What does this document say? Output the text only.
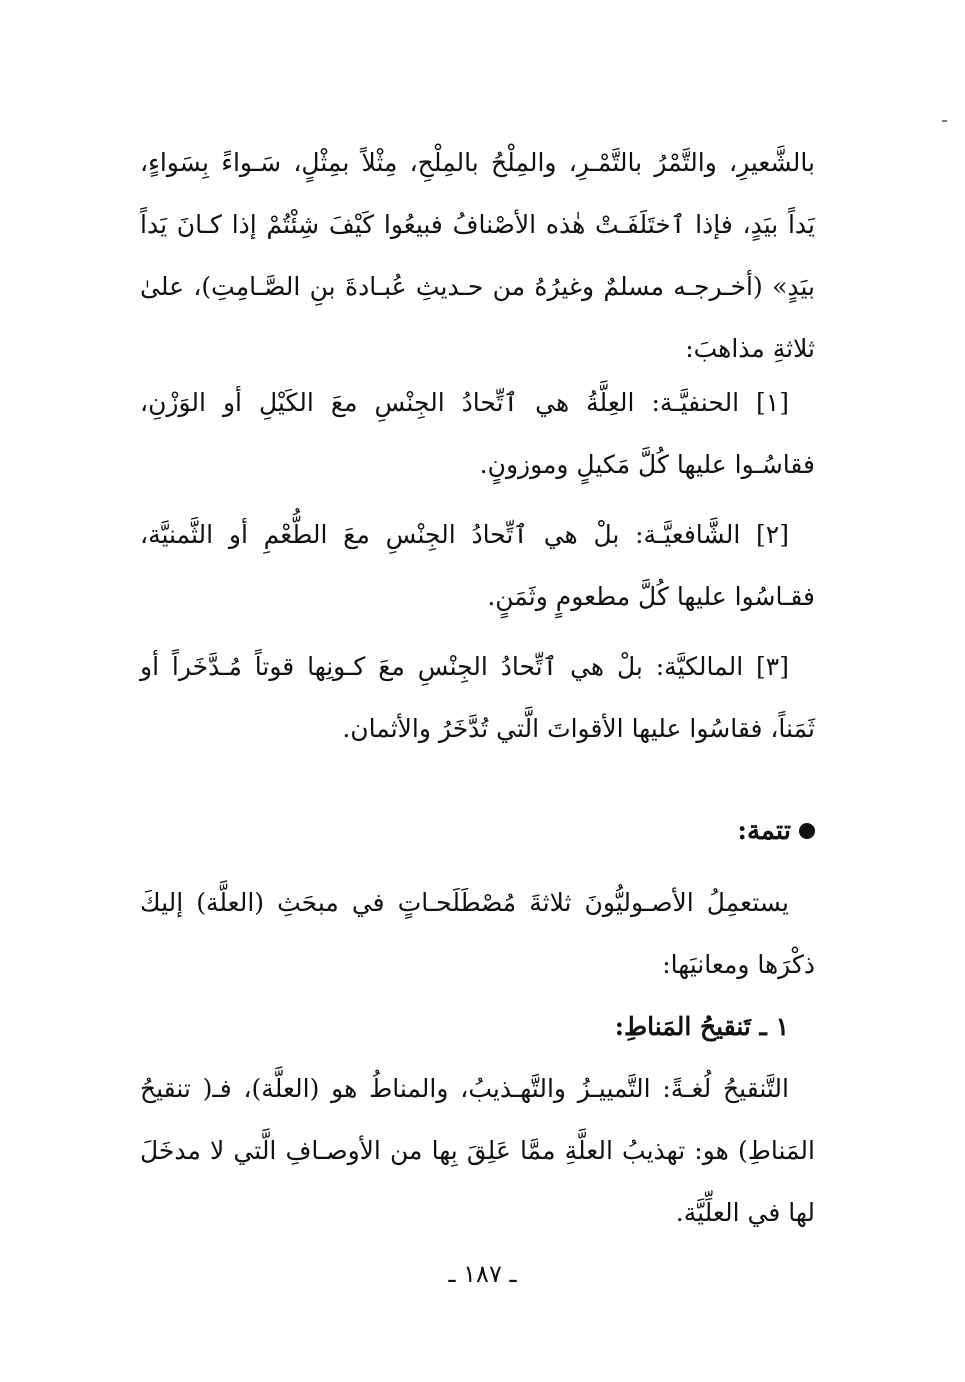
بالشَّعيرِ، والتَّمْرُ بالتَّمْـرِ، والمِلْحُ بالمِلْحِ، مِثْلاً بمِثْلٍ، سَـواءً بِسَواءٍ، يَداً بيَدٍ، فإذا ٱختَلَفَـتْ هٰذه الأصْنافُ فبيعُوا كَيْفَ شِئْتُمْ إذا كـانَ يَداً بيَدٍ» (أخـرجـه مسلمٌ وغيرُهُ من حـديثِ عُبـادةَ بنِ الصَّـامِتِ)، علىٰ ثلاثةِ مذاهبَ:

[١] الحنفيَّـة: العِلَّةُ هي ٱتِّحادُ الجِنْسِ معَ الكَيْلِ أو الوَزْنِ، فقاسُـوا عليها كُلَّ مَكيلٍ وموزونٍ.

[٢] الشَّافعيَّـة: بلْ هي ٱتِّحادُ الجِنْسِ معَ الطُّعْمِ أو الثَّمنيَّة، فقـاسُوا عليها كُلَّ مطعومٍ وثَمَنٍ.

[٣] المالكيَّة: بلْ هي ٱتِّحادُ الجِنْسِ معَ كـونِها قوتاً مُـدَّخَراً أو ثَمَناً، فقاسُوا عليها الأقواتَ الَّتي تُدَّخَرُ والأثمان.

تتمة:

يستعمِلُ الأصـوليُّونَ ثلاثةَ مُصْطَلَحـاتٍ في مبحَثِ (العلَّة) إليكَ ذكْرَها ومعانيَها:

١ ـ تَنقيحُ المَناطِ:

التَّنقيحُ لُغـةً: التَّمييـزُ والتَّهـذيبُ، والمناطُ هو (العلَّة)، فـ( تنقيحُ المَناطِ) هو: تهذيبُ العلَّةِ ممَّا عَلِقَ بِها من الأوصـافِ الَّتي لا مدخَلَ لها في العلِّيَّة.

ـ ١٨٧ ـ
